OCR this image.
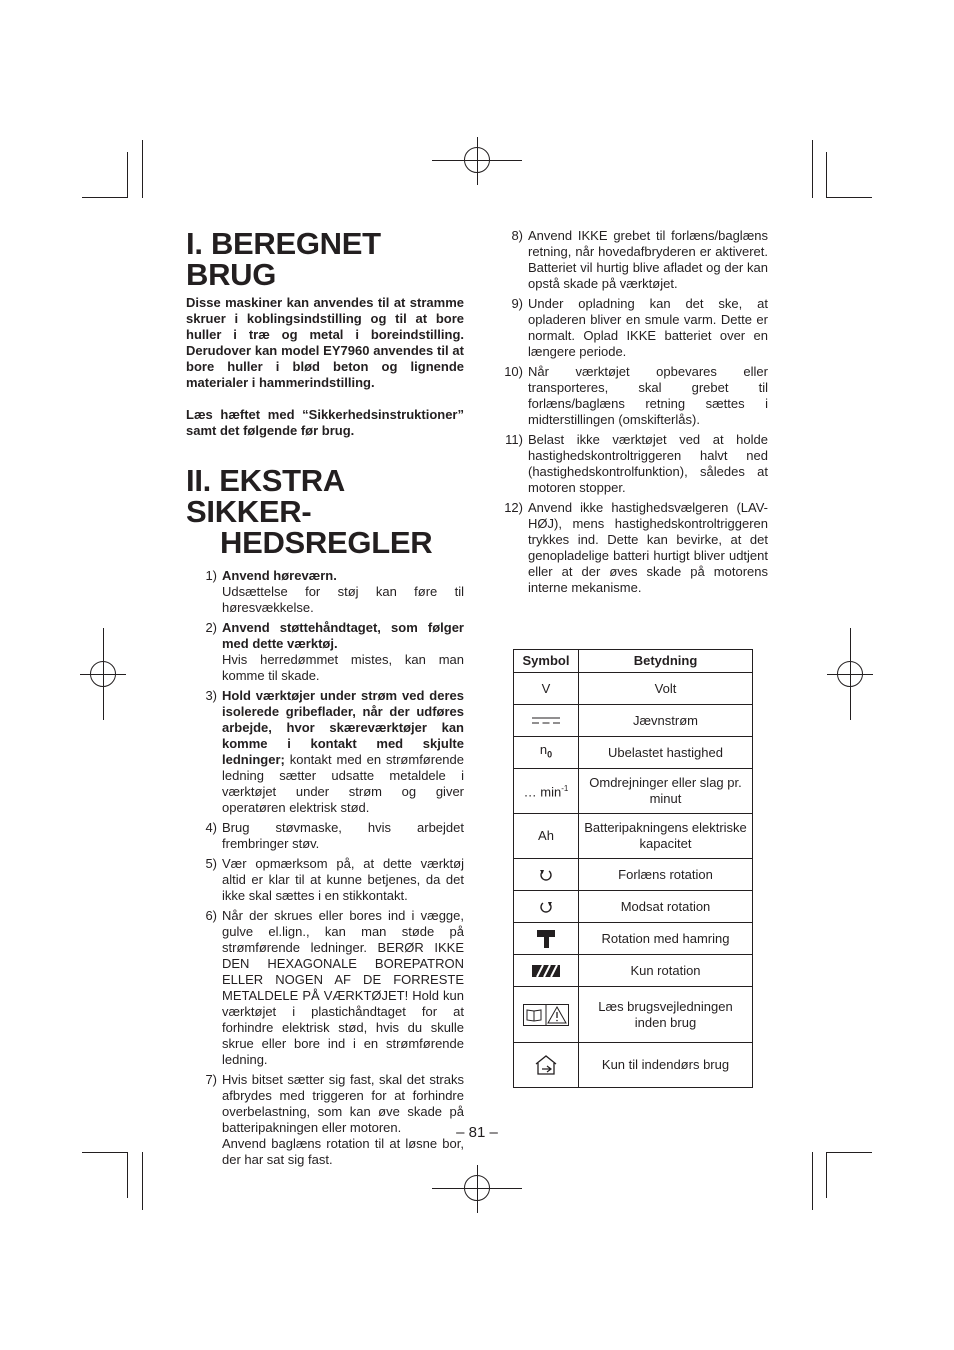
I. BEREGNET BRUG

Disse maskiner kan anvendes til at stramme skruer i koblingsindstilling og til at bore huller i træ og metal i boreindstilling. Derudover kan model EY7960 anvendes til at bore huller i blød beton og lignende materialer i hammerindstilling.

Læs hæftet med “Sikkerhedsinstruktioner” samt det følgende før brug.

II. EKSTRA SIKKER-
HEDSREGLER
1) Anvend høreværn.
Udsættelse for støj kan føre til høresvækkelse.
2) Anvend støttehåndtaget, som følger med dette værktøj.
Hvis herredømmet mistes, kan man komme til skade.
3) Hold værktøjer under strøm ved deres isolerede gribeflader, når der udføres arbejde, hvor skæreværktøjer kan komme i kontakt med skjulte ledninger; kontakt med en strømførende ledning sætter udsatte metaldele i værktøjet under strøm og giver operatøren elektrisk stød.
4) Brug støvmaske, hvis arbejdet frembringer støv.
5) Vær opmærksom på, at dette værktøj altid er klar til at kunne betjenes, da det ikke skal sættes i en stikkontakt.
6) Når der skrues eller bores ind i vægge, gulve el.lign., kan man støde på strømførende ledninger. BERØR IKKE DEN HEXAGONALE BOREPATRON ELLER NOGEN AF DE FORRESTE METALDELE PÅ VÆRKTØJET! Hold kun værktøjet i plastichåndtaget for at forhindre elektrisk stød, hvis du skulle skrue eller bore ind i en strømførende ledning.
7) Hvis bitset sætter sig fast, skal det straks afbrydes med triggeren for at forhindre overbelastning, som kan øve skade på batteripakningen eller motoren.
Anvend baglæns rotation til at løsne bor, der har sat sig fast.
8) Anvend IKKE grebet til forlæns/baglæns retning, når hovedafbryderen er aktiveret. Batteriet vil hurtig blive afladet og der kan opstå skade på værktøjet.
9) Under opladning kan det ske, at opladeren bliver en smule varm. Dette er normalt. Oplad IKKE batteriet over en længere periode.
10) Når værktøjet opbevares eller transporteres, skal grebet til forlæns/baglæns retning sættes i midterstillingen (omskifterlås).
11) Belast ikke værktøjet ved at holde hastighedskontroltriggeren halvt ned (hastighedskontrolfunktion), således at motoren stopper.
12) Anvend ikke hastighedsvælgeren (LAV- HØJ), mens hastighedskontroltriggeren trykkes ind. Dette kan bevirke, at det genopladelige batteri hurtigt bliver udtjent eller at der øves skade på motorens interne mekanisme.
Symbol	Betydning
V	Volt

	Jævnstrøm
$n_0$	Ubelastet hastighed
… $\min^{-1}$	Omdrejninger eller slag pr. minut
Ah	Batteripakningens elektriske kapacitet

	Forlæns rotation

	Modsat rotation

	Rotation med hamring

	Kun rotation

	Læs brugsvejledningen inden brug

	Kun til indendørs brug
– 81 –
